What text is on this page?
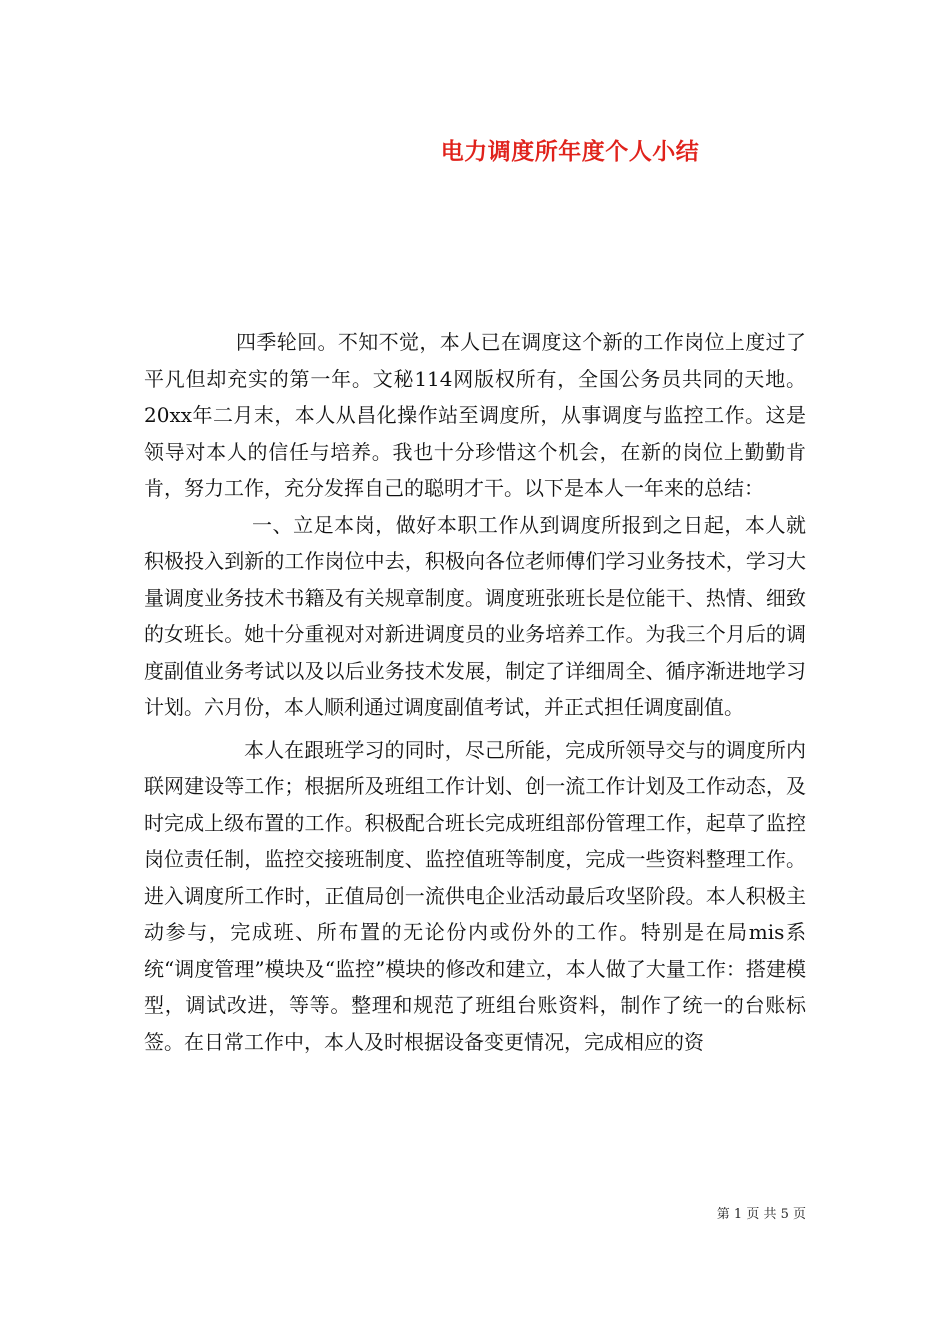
电力调度所年度个人小结

四季轮回。不知不觉，本人已在调度这个新的工作岗位上度过了平凡但却充实的第一年。文秘114网版权所有，全国公务员共同的天地。20xx年二月末，本人从昌化操作站至调度所，从事调度与监控工作。这是领导对本人的信任与培养。我也十分珍惜这个机会，在新的岗位上勤勤肯肯，努力工作，充分发挥自己的聪明才干。以下是本人一年来的总结：

一、立足本岗，做好本职工作从到调度所报到之日起，本人就积极投入到新的工作岗位中去，积极向各位老师傅们学习业务技术，学习大量调度业务技术书籍及有关规章制度。调度班张班长是位能干、热情、细致的女班长。她十分重视对对新进调度员的业务培养工作。为我三个月后的调度副值业务考试以及以后业务技术发展，制定了详细周全、循序渐进地学习计划。六月份，本人顺利通过调度副值考试，并正式担任调度副值。

本人在跟班学习的同时，尽己所能，完成所领导交与的调度所内联网建设等工作；根据所及班组工作计划、创一流工作计划及工作动态，及时完成上级布置的工作。积极配合班长完成班组部份管理工作，起草了监控岗位责任制，监控交接班制度、监控值班等制度，完成一些资料整理工作。进入调度所工作时，正值局创一流供电企业活动最后攻坚阶段。本人积极主动参与，完成班、所布置的无论份内或份外的工作。特别是在局mis系统“调度管理”模块及“监控”模块的修改和建立，本人做了大量工作：搭建模型，调试改进，等等。整理和规范了班组台账资料，制作了统一的台账标签。在日常工作中，本人及时根据设备变更情况，完成相应的资

第 1 页 共 5 页
